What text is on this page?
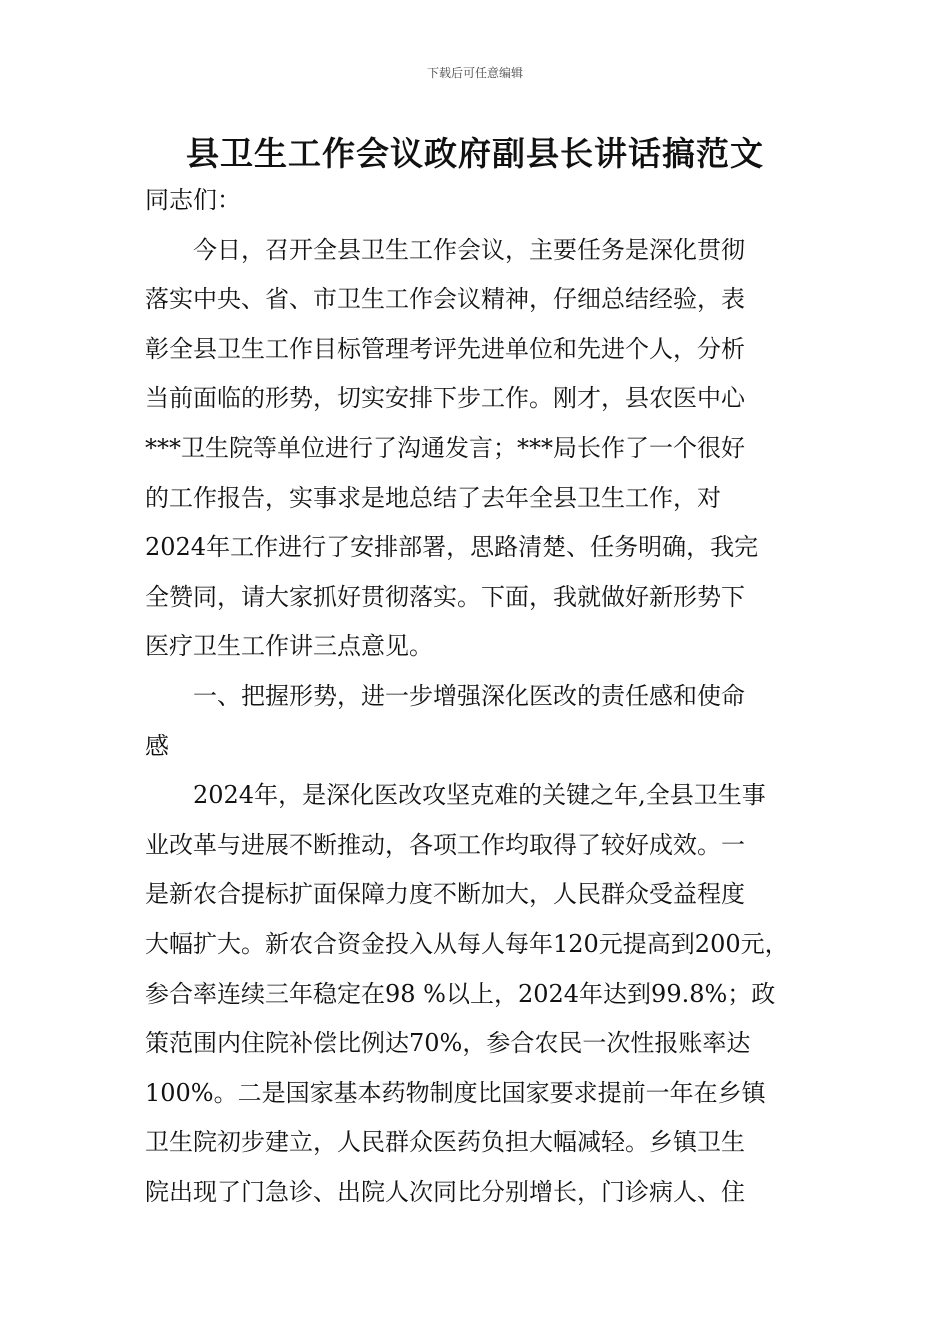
下载后可任意编辑
县卫生工作会议政府副县长讲话搞范文
同志们：
　　今日，召开全县卫生工作会议，主要任务是深化贯彻
落实中央、省、市卫生工作会议精神，仔细总结经验，表
彰全县卫生工作目标管理考评先进单位和先进个人，分析
当前面临的形势，切实安排下步工作。刚才，县农医中心
***卫生院等单位进行了沟通发言；***局长作了一个很好
的工作报告，实事求是地总结了去年全县卫生工作，对
2024年工作进行了安排部署，思路清楚、任务明确，我完
全赞同，请大家抓好贯彻落实。下面，我就做好新形势下
医疗卫生工作讲三点意见。
　　一、把握形势，进一步增强深化医改的责任感和使命
感
　　2024年，是深化医改攻坚克难的关键之年,全县卫生事
业改革与进展不断推动，各项工作均取得了较好成效。一
是新农合提标扩面保障力度不断加大，人民群众受益程度
大幅扩大。新农合资金投入从每人每年120元提高到200元，
参合率连续三年稳定在98 %以上，2024年达到99.8%；政
策范围内住院补偿比例达70%，参合农民一次性报账率达
100%。二是国家基本药物制度比国家要求提前一年在乡镇
卫生院初步建立，人民群众医药负担大幅减轻。乡镇卫生
院出现了门急诊、出院人次同比分别增长，门诊病人、住
